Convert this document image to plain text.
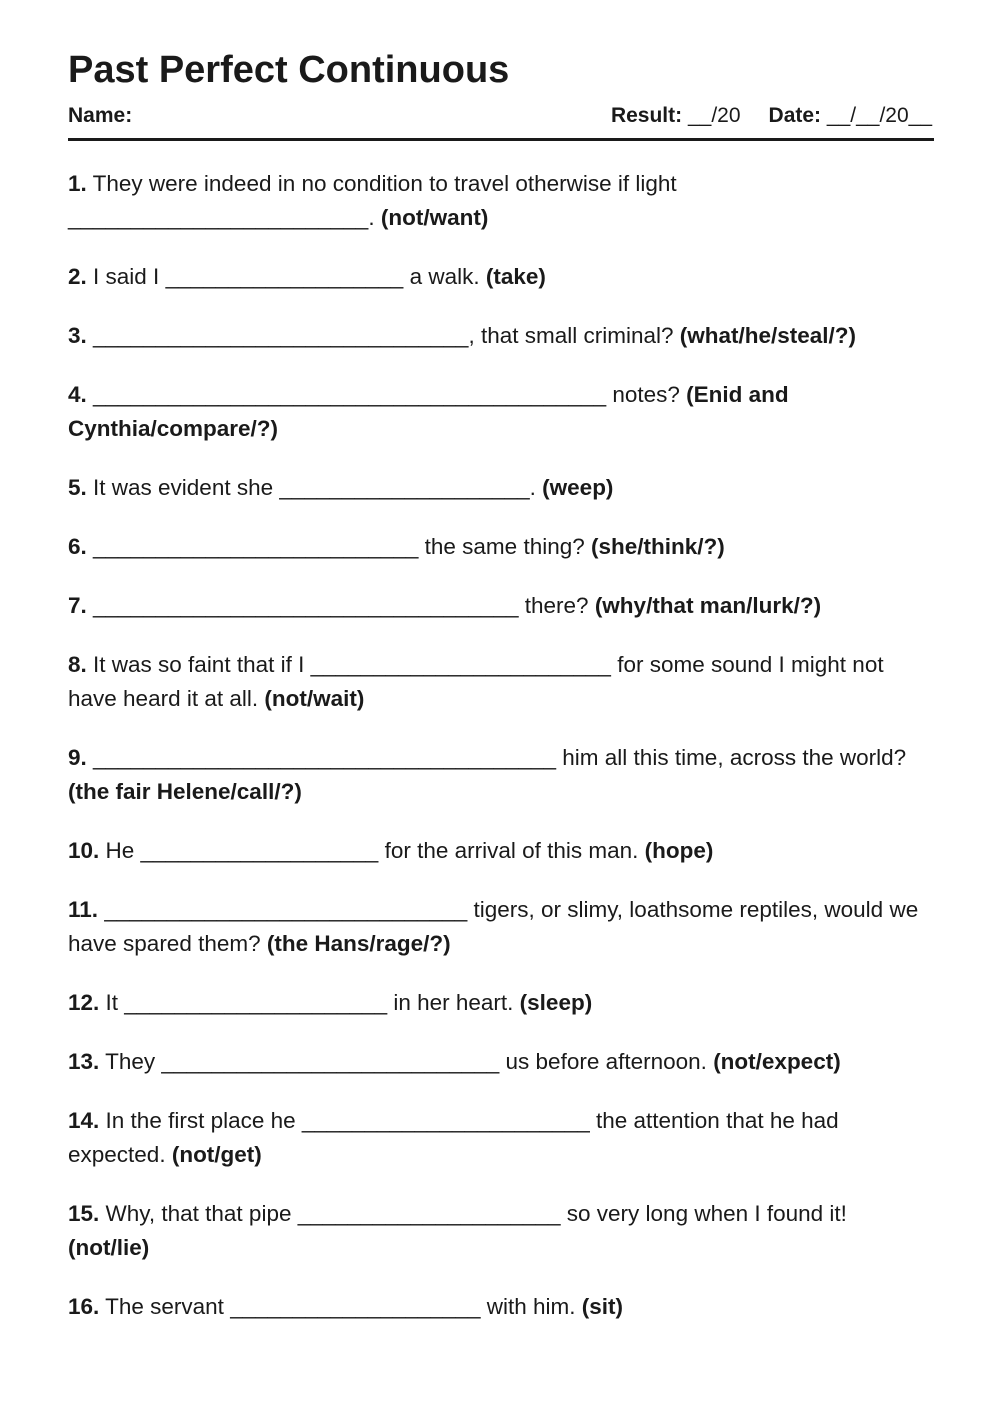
Past Perfect Continuous
Name:	Result: __/20 Date: __/__/20__

1. They were indeed in no condition to travel otherwise if light ________________________. (not/want)

2. I said I ___________________ a walk. (take)

3. ______________________________, that small criminal? (what/he/steal/?)

4. _________________________________________ notes? (Enid and Cynthia/compare/?)

5. It was evident she ____________________. (weep)

6. __________________________ the same thing? (she/think/?)

7. __________________________________ there? (why/that man/lurk/?)

8. It was so faint that if I ________________________ for some sound I might not have heard it at all. (not/wait)

9. _____________________________________ him all this time, across the world? (the fair Helene/call/?)

10. He ___________________ for the arrival of this man. (hope)

11. _____________________________ tigers, or slimy, loathsome reptiles, would we have spared them? (the Hans/rage/?)

12. It _____________________ in her heart. (sleep)

13. They ___________________________ us before afternoon. (not/expect)

14. In the first place he _______________________ the attention that he had expected. (not/get)

15. Why, that that pipe _____________________ so very long when I found it! (not/lie)

16. The servant ____________________ with him. (sit)
